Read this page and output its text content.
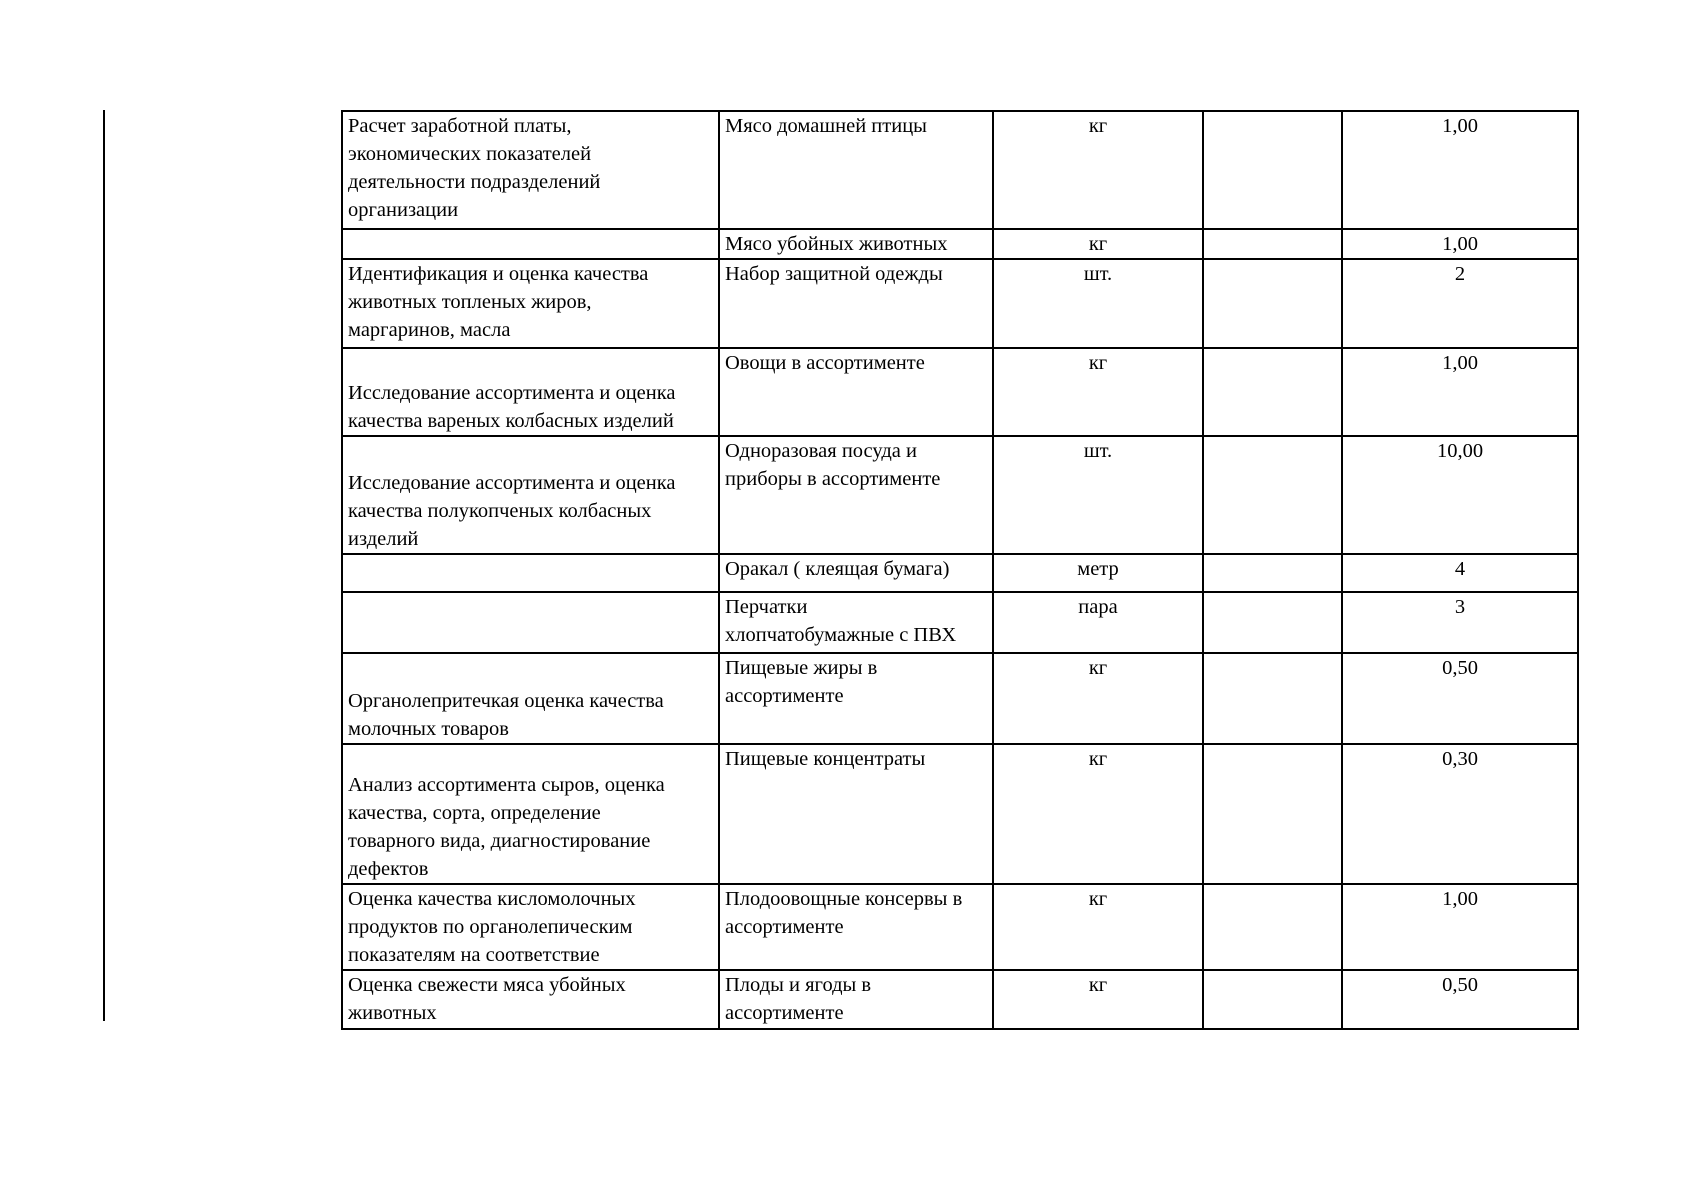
Расчет заработной платы,
экономических показателей
деятельности подразделений
организации	Мясо домашней птицы	кг		1,00
	Мясо убойных животных	кг		1,00
Идентификация и оценка качества
животных топленых жиров,
маргаринов, масла	Набор защитной одежды	шт.		2
Исследование ассортимента и оценка
качества вареных колбасных изделий	Овощи в ассортименте	кг		1,00
Исследование ассортимента и оценка
качества полукопченых колбасных
изделий	Одноразовая посуда и
приборы в ассортименте	шт.		10,00
	Оракал ( клеящая бумага)	метр		4
	Перчатки
хлопчатобумажные с ПВХ	пара		3
Органолепритечкая оценка качества
молочных товаров	Пищевые жиры в
ассортименте	кг		0,50
Анализ ассортимента сыров, оценка
качества, сорта, определение
товарного вида, диагностирование
дефектов	Пищевые концентраты	кг		0,30
Оценка качества кисломолочных
продуктов по органолепическим
показателям на соответствие	Плодоовощные консервы в
ассортименте	кг		1,00
Оценка свежести мяса убойных
животных	Плоды и ягоды в
ассортименте	кг		0,50
